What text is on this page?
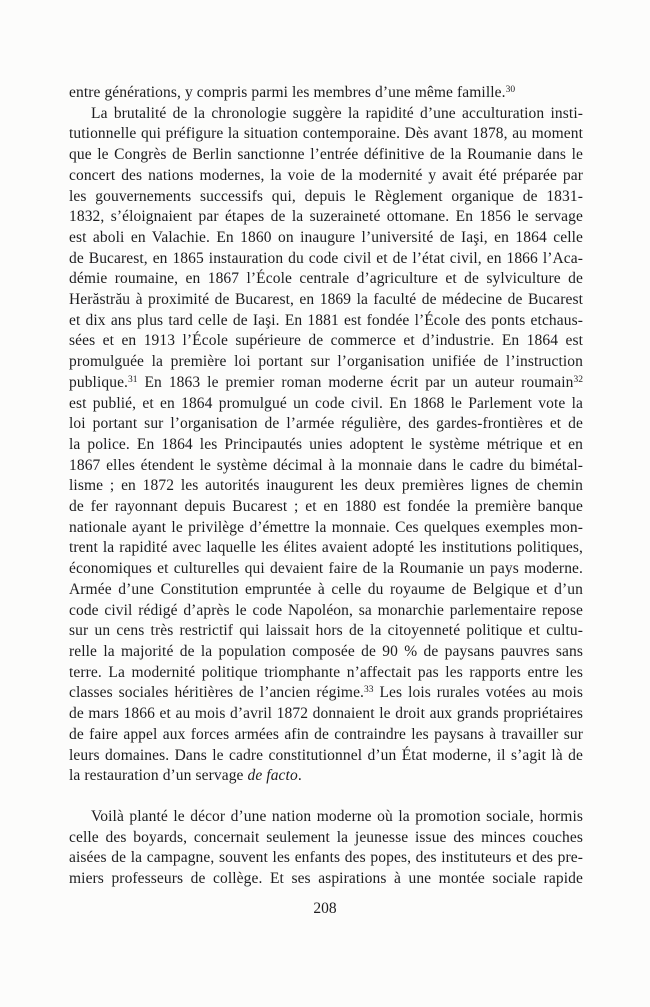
entre générations, y compris parmi les membres d’une même famille.$^{30}$
La brutalité de la chronologie suggère la rapidité d’une acculturation insti-
tutionnelle qui préfigure la situation contemporaine. Dès avant 1878, au moment
que le Congrès de Berlin sanctionne l’entrée définitive de la Roumanie dans le
concert des nations modernes, la voie de la modernité y avait été préparée par
les gouvernements successifs qui, depuis le Règlement organique de 1831-
1832, s’éloignaient par étapes de la suzeraineté ottomane. En 1856 le servage
est aboli en Valachie. En 1860 on inaugure l’université de Iaşi, en 1864 celle
de Bucarest, en 1865 instauration du code civil et de l’état civil, en 1866 l’Aca-
démie roumaine, en 1867 l’École centrale d’agriculture et de sylviculture de
Herăstrău à proximité de Bucarest, en 1869 la faculté de médecine de Bucarest
et dix ans plus tard celle de Iaşi. En 1881 est fondée l’École des ponts etchaus-
sées et en 1913 l’École supérieure de commerce et d’industrie. En 1864 est
promulguée la première loi portant sur l’organisation unifiée de l’instruction
publique.$^{31}$ En 1863 le premier roman moderne écrit par un auteur roumain$^{32}$
est publié, et en 1864 promulgué un code civil. En 1868 le Parlement vote la
loi portant sur l’organisation de l’armée régulière, des gardes-frontières et de
la police. En 1864 les Principautés unies adoptent le système métrique et en
1867 elles étendent le système décimal à la monnaie dans le cadre du bimétal-
lisme ; en 1872 les autorités inaugurent les deux premières lignes de chemin
de fer rayonnant depuis Bucarest ; et en 1880 est fondée la première banque
nationale ayant le privilège d’émettre la monnaie. Ces quelques exemples mon-
trent la rapidité avec laquelle les élites avaient adopté les institutions politiques,
économiques et culturelles qui devaient faire de la Roumanie un pays moderne.
Armée d’une Constitution empruntée à celle du royaume de Belgique et d’un
code civil rédigé d’après le code Napoléon, sa monarchie parlementaire repose
sur un cens très restrictif qui laissait hors de la citoyenneté politique et cultu-
relle la majorité de la population composée de 90 % de paysans pauvres sans
terre. La modernité politique triomphante n’affectait pas les rapports entre les
classes sociales héritières de l’ancien régime.$^{33}$ Les lois rurales votées au mois
de mars 1866 et au mois d’avril 1872 donnaient le droit aux grands propriétaires
de faire appel aux forces armées afin de contraindre les paysans à travailler sur
leurs domaines. Dans le cadre constitutionnel d’un État moderne, il s’agit là de
la restauration d’un servage de facto.
Voilà planté le décor d’une nation moderne où la promotion sociale, hormis
celle des boyards, concernait seulement la jeunesse issue des minces couches
aisées de la campagne, souvent les enfants des popes, des instituteurs et des pre-
miers professeurs de collège. Et ses aspirations à une montée sociale rapide
208
